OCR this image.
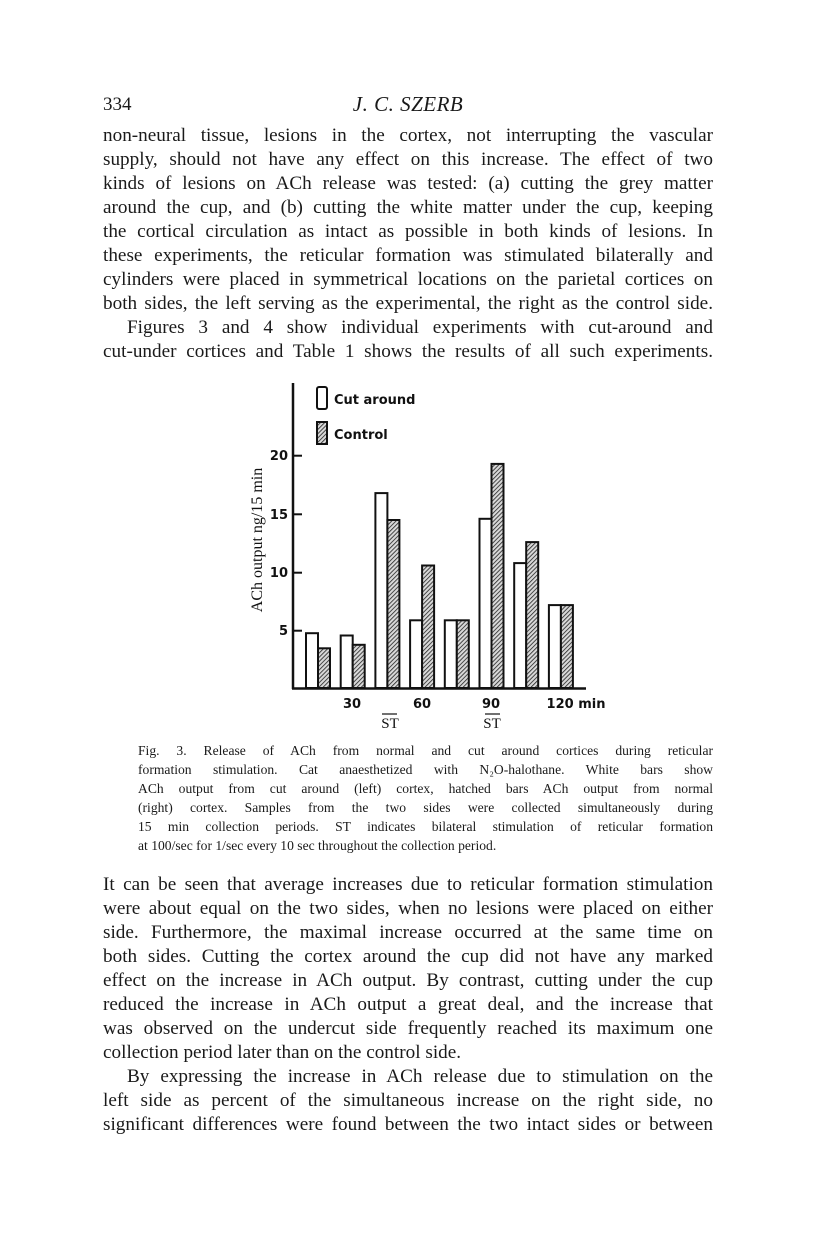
334	J. C. SZERB

non-neural tissue, lesions in the cortex, not interrupting the vascular
supply, should not have any effect on this increase. The effect of two
kinds of lesions on ACh release was tested: (a) cutting the grey matter
around the cup, and (b) cutting the white matter under the cup, keeping
the cortical circulation as intact as possible in both kinds of lesions. In
these experiments, the reticular formation was stimulated bilaterally and
cylinders were placed in symmetrical locations on the parietal cortices on
both sides, the left serving as the experimental, the right as the control side.

Figures 3 and 4 show individual experiments with cut-around and
cut-under cortices and Table 1 shows the results of all such experiments.

5
10
15
20
ACh output ng/15 min
Cut around
Control
30	60	90	120 min
ST	ST
Fig. 3. Release of ACh from normal and cut around cortices during reticular
formation stimulation. Cat anaesthetized with N₂O-halothane. White bars show
ACh output from cut around (left) cortex, hatched bars ACh output from normal
(right) cortex. Samples from the two sides were collected simultaneously during
15 min collection periods. ST indicates bilateral stimulation of reticular formation
at 100/sec for 1/sec every 10 sec throughout the collection period.

It can be seen that average increases due to reticular formation stimulation
were about equal on the two sides, when no lesions were placed on either
side. Furthermore, the maximal increase occurred at the same time on
both sides. Cutting the cortex around the cup did not have any marked
effect on the increase in ACh output. By contrast, cutting under the cup
reduced the increase in ACh output a great deal, and the increase that
was observed on the undercut side frequently reached its maximum one
collection period later than on the control side.

By expressing the increase in ACh release due to stimulation on the
left side as percent of the simultaneous increase on the right side, no
significant differences were found between the two intact sides or between
